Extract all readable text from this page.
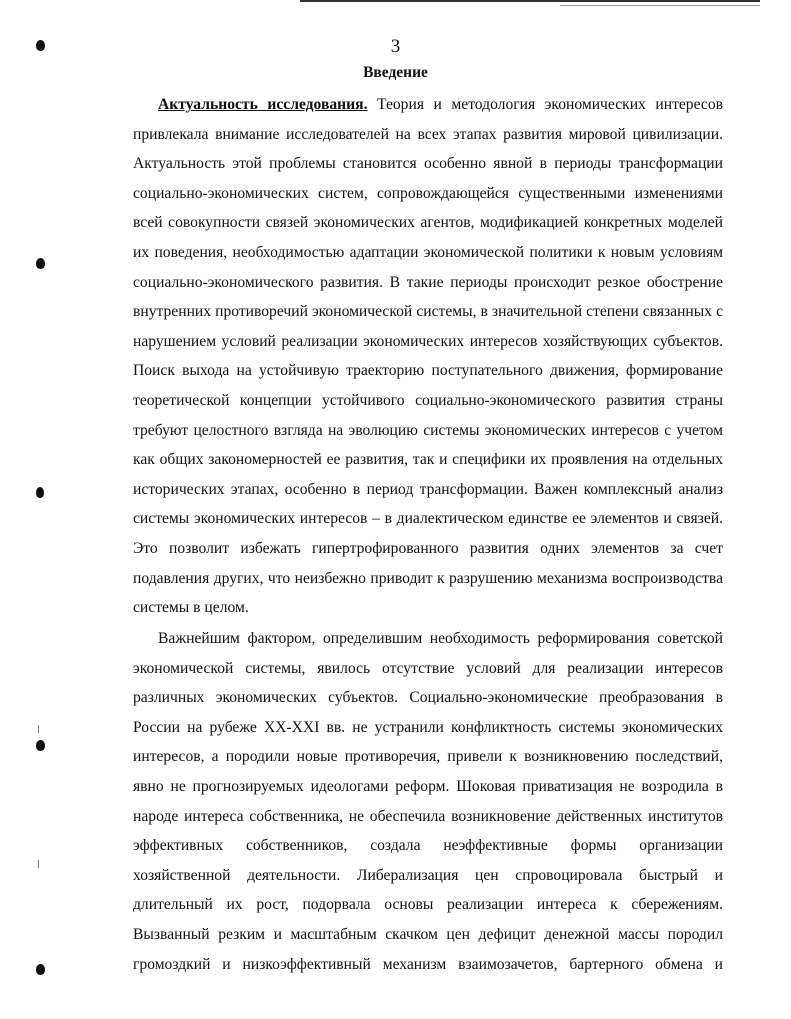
3
Введение
Актуальность исследования. Теория и методология экономических интересов
привлекала внимание исследователей на всех этапах развития мировой цивилизации.
Актуальность этой проблемы становится особенно явной в периоды трансформации
социально-экономических систем, сопровождающейся существенными изменениями
всей совокупности связей экономических агентов, модификацией конкретных моделей
их поведения, необходимостью адаптации экономической политики к новым условиям
социально-экономического развития. В такие периоды происходит резкое обострение
внутренних противоречий экономической системы, в значительной степени связанных с
нарушением условий реализации экономических интересов хозяйствующих субъектов.
Поиск выхода на устойчивую траекторию поступательного движения, формирование
теоретической концепции устойчивого социально-экономического развития страны
требуют целостного взгляда на эволюцию системы экономических интересов с учетом
как общих закономерностей ее развития, так и специфики их проявления на отдельных
исторических этапах, особенно в период трансформации. Важен комплексный анализ
системы экономических интересов – в диалектическом единстве ее элементов и связей.
Это позволит избежать гипертрофированного развития одних элементов за счет
подавления других, что неизбежно приводит к разрушению механизма воспроизводства
системы в целом.
Важнейшим фактором, определившим необходимость реформирования советской
экономической системы, явилось отсутствие условий для реализации интересов
различных экономических субъектов. Социально-экономические преобразования в
России на рубеже XX-XXI вв. не устранили конфликтность системы экономических
интересов, а породили новые противоречия, привели к возникновению последствий,
явно не прогнозируемых идеологами реформ. Шоковая приватизация не возродила в
народе интереса собственника, не обеспечила возникновение действенных институтов
эффективных собственников, создала неэффективные формы организации
хозяйственной деятельности. Либерализация цен спровоцировала быстрый и
длительный их рост, подорвала основы реализации интереса к сбережениям.
Вызванный резким и масштабным скачком цен дефицит денежной массы породил
громоздкий и низкоэффективный механизм взаимозачетов, бартерного обмена и
